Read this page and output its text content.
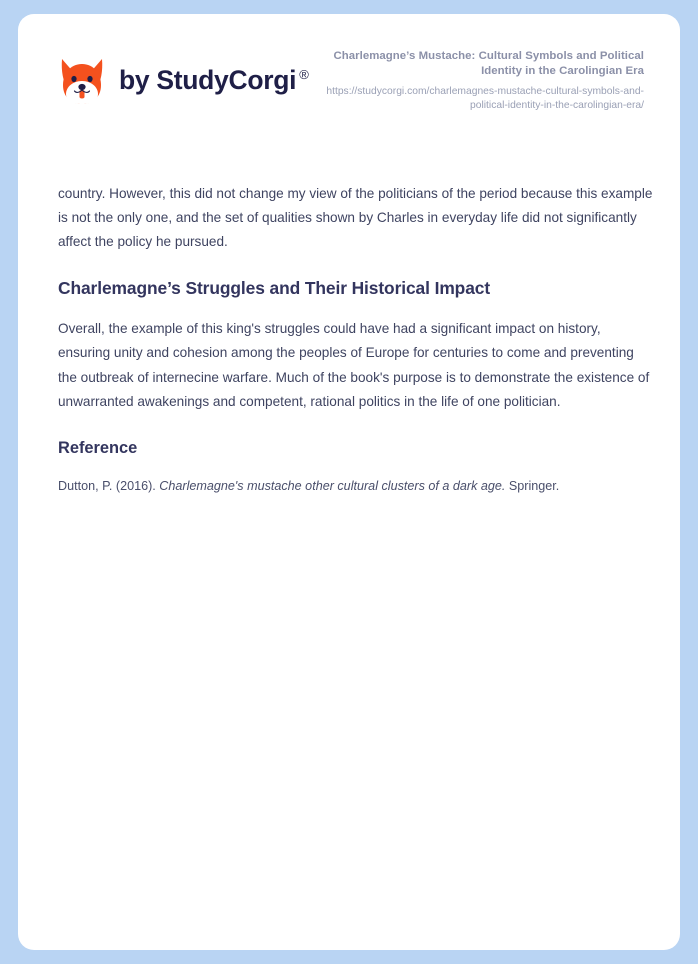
by StudyCorgi ®
Charlemagne’s Mustache: Cultural Symbols and Political Identity in the Carolingian Era
https://studycorgi.com/charlemagnes-mustache-cultural-symbols-and-political-identity-in-the-carolingian-era/

country. However, this did not change my view of the politicians of the period because this example is not the only one, and the set of qualities shown by Charles in everyday life did not significantly affect the policy he pursued.

Charlemagne’s Struggles and Their Historical Impact

Overall, the example of this king's struggles could have had a significant impact on history, ensuring unity and cohesion among the peoples of Europe for centuries to come and preventing the outbreak of internecine warfare. Much of the book's purpose is to demonstrate the existence of unwarranted awakenings and competent, rational politics in the life of one politician.

Reference

Dutton, P. (2016). Charlemagne's mustache other cultural clusters of a dark age. Springer.
